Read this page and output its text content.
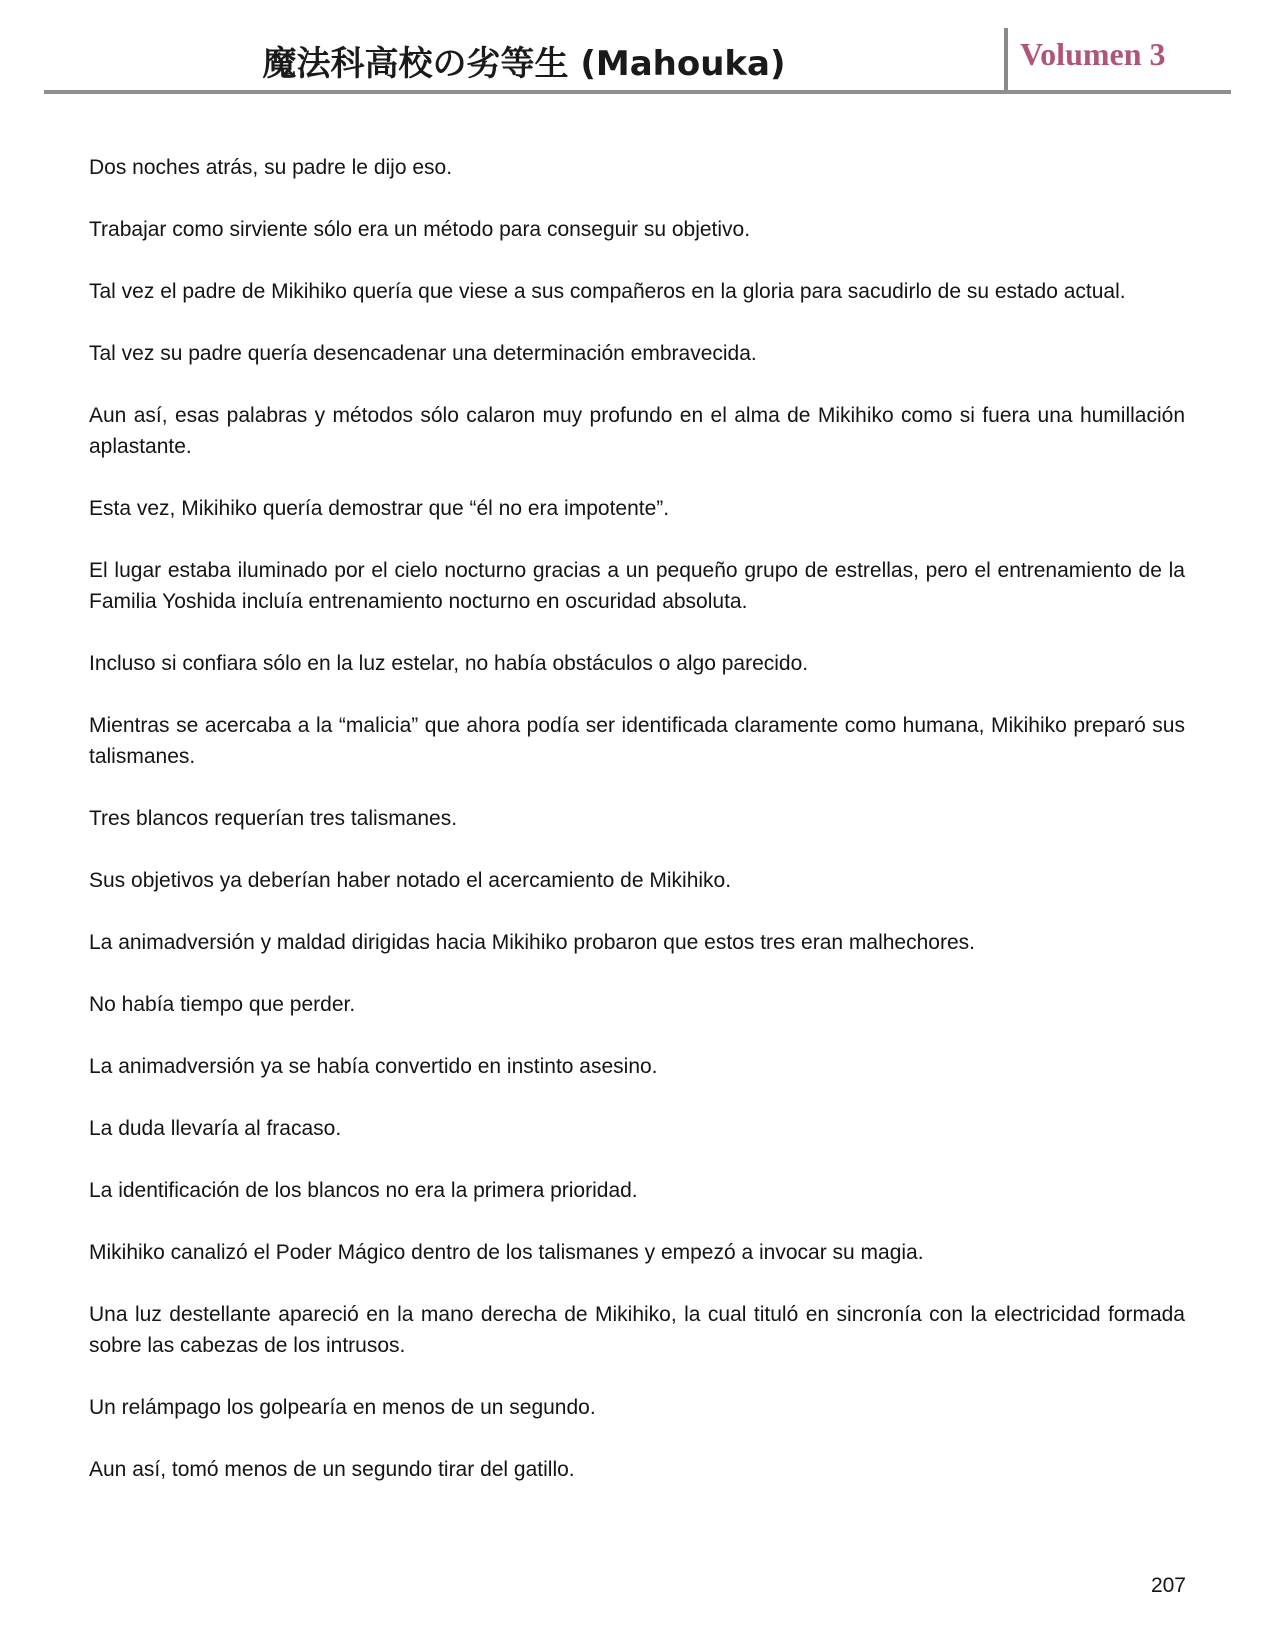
魔法科高校の劣等生 (Mahouka)	Volumen 3

Dos noches atrás, su padre le dijo eso.

Trabajar como sirviente sólo era un método para conseguir su objetivo.

Tal vez el padre de Mikihiko quería que viese a sus compañeros en la gloria para sacudirlo de su estado actual.

Tal vez su padre quería desencadenar una determinación embravecida.

Aun así, esas palabras y métodos sólo calaron muy profundo en el alma de Mikihiko como si fuera una humillación aplastante.

Esta vez, Mikihiko quería demostrar que “él no era impotente”.

El lugar estaba iluminado por el cielo nocturno gracias a un pequeño grupo de estrellas, pero el entrenamiento de la Familia Yoshida incluía entrenamiento nocturno en oscuridad absoluta.

Incluso si confiara sólo en la luz estelar, no había obstáculos o algo parecido.

Mientras se acercaba a la “malicia” que ahora podía ser identificada claramente como humana, Mikihiko preparó sus talismanes.

Tres blancos requerían tres talismanes.

Sus objetivos ya deberían haber notado el acercamiento de Mikihiko.

La animadversión y maldad dirigidas hacia Mikihiko probaron que estos tres eran malhechores.

No había tiempo que perder.

La animadversión ya se había convertido en instinto asesino.

La duda llevaría al fracaso.

La identificación de los blancos no era la primera prioridad.

Mikihiko canalizó el Poder Mágico dentro de los talismanes y empezó a invocar su magia.

Una luz destellante apareció en la mano derecha de Mikihiko, la cual tituló en sincronía con la electricidad formada sobre las cabezas de los intrusos.

Un relámpago los golpearía en menos de un segundo.

Aun así, tomó menos de un segundo tirar del gatillo.

207
